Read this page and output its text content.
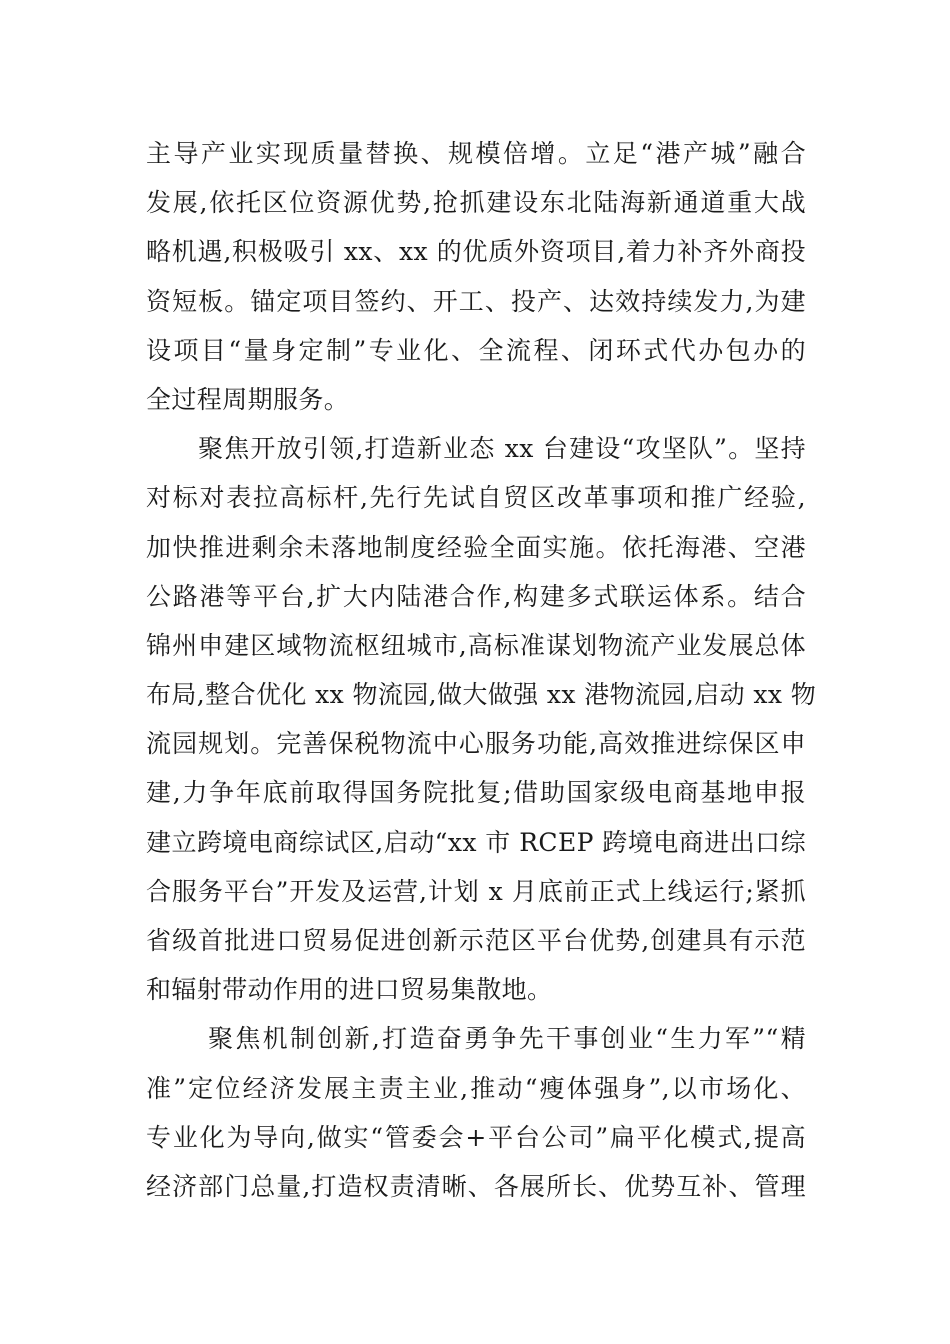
主导产业实现质量替换、规模倍增。立足“港产城”融合
发展,依托区位资源优势,抢抓建设东北陆海新通道重大战
略机遇,积极吸引 xx、xx 的优质外资项目,着力补齐外商投
资短板。锚定项目签约、开工、投产、达效持续发力,为建
设项目“量身定制”专业化、全流程、闭环式代办包办的
全过程周期服务。
聚焦开放引领,打造新业态 xx 台建设“攻坚队”。坚持
对标对表拉高标杆,先行先试自贸区改革事项和推广经验,
加快推进剩余未落地制度经验全面实施。依托海港、空港
公路港等平台,扩大内陆港合作,构建多式联运体系。结合
锦州申建区域物流枢纽城市,高标准谋划物流产业发展总体
布局,整合优化 xx 物流园,做大做强 xx 港物流园,启动 xx 物
流园规划。完善保税物流中心服务功能,高效推进综保区申
建,力争年底前取得国务院批复;借助国家级电商基地申报
建立跨境电商综试区,启动“xx 市 RCEP 跨境电商进出口综
合服务平台”开发及运营,计划 x 月底前正式上线运行;紧抓
省级首批进口贸易促进创新示范区平台优势,创建具有示范
和辐射带动作用的进口贸易集散地。
聚焦机制创新,打造奋勇争先干事创业“生力军”“精
准”定位经济发展主责主业,推动“瘦体强身”,以市场化、
专业化为导向,做实“管委会+平台公司”扁平化模式,提高
经济部门总量,打造权责清晰、各展所长、优势互补、管理
